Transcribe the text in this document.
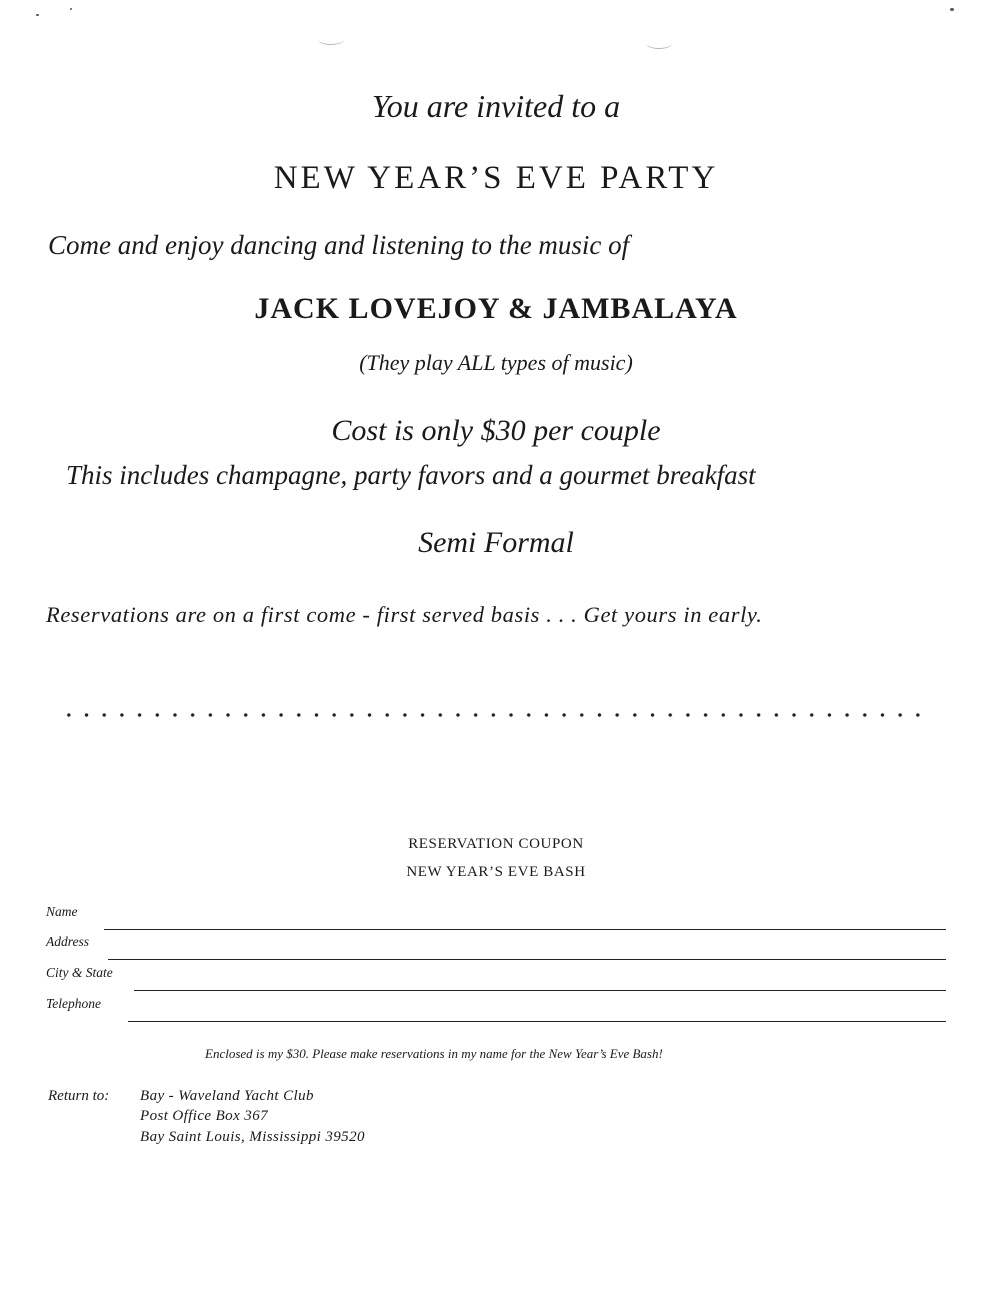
You are invited to a
NEW YEAR’S EVE PARTY
Come and enjoy dancing and listening to the music of
JACK LOVEJOY & JAMBALAYA
(They play ALL types of music)
Cost is only $30 per couple
This includes champagne, party favors and a gourmet breakfast
Semi Formal
Reservations are on a first come - first served basis . . . Get yours in early.
RESERVATION COUPON
NEW YEAR’S EVE BASH
Name
Address
City & State
Telephone
Enclosed is my $30. Please make reservations in my name for the New Year’s Eve Bash!
Return to: Bay - Waveland Yacht Club
Post Office Box 367
Bay Saint Louis, Mississippi 39520
